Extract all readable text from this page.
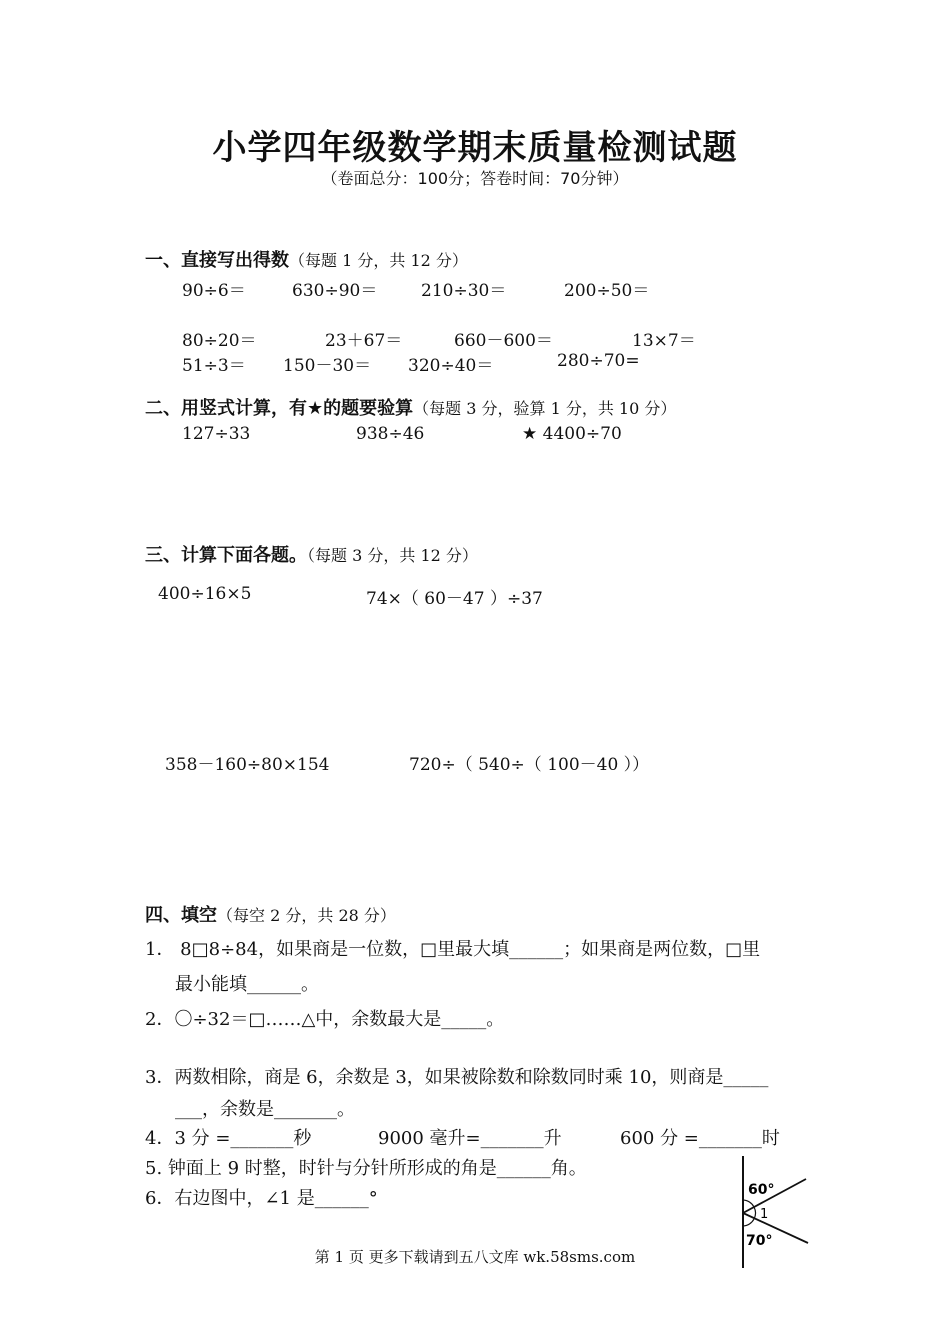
小学四年级数学期末质量检测试题
（卷面总分：100分；答卷时间：70分钟）
一、直接写出得数（每题 1 分，共 12 分）
90÷6＝	630÷90＝	210÷30＝	200÷50＝
80÷20＝	23＋67＝	660－600＝	13×7＝
51÷3＝ 150－30＝ 320÷40＝	280÷70=
二、用竖式计算，有★的题要验算（每题 3 分，验算 1 分，共 10 分）
127÷33	938÷46	★ 4400÷70
三、计算下面各题。（每题 3 分，共 12 分）
400÷16×5	74×（ 60－47 ）÷37
358－160÷80×154	720÷（ 540÷（ 100－40 ））
四、填空（每空 2 分，共 28 分）
1． 8□8÷84，如果商是一位数，□里最大填______；如果商是两位数，□里
最小能填______。
2．〇÷32＝□……△中，余数最大是_____。
3．两数相除，商是 6，余数是 3，如果被除数和除数同时乘 10，则商是_____
___，余数是_______。
4．3 分 =_______秒	9000 毫升=_______升	600 分 =_______时
5. 钟面上 9 时整，时针与分针所形成的角是______角。
6．右边图中，∠1 是______°	60°
1
70°
第 1 页 更多下载请到五八文库 wk.58sms.com
